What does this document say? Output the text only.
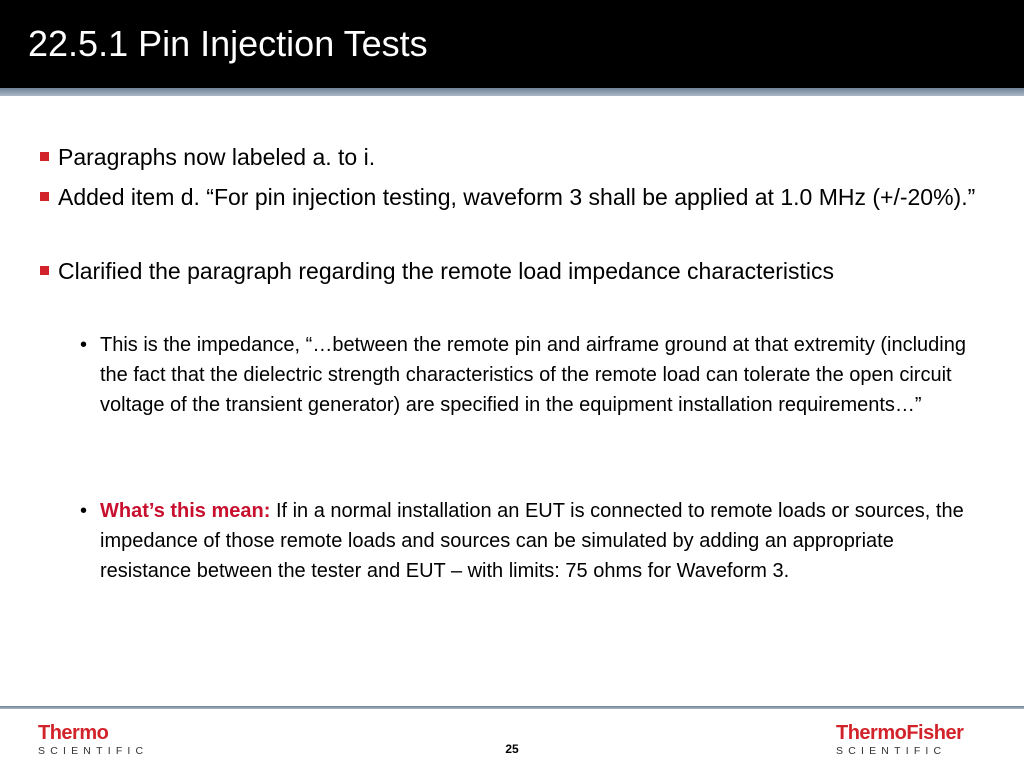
22.5.1 Pin Injection Tests
Paragraphs now labeled a. to i.
Added item d. “For pin injection testing, waveform 3 shall be applied at 1.0 MHz (+/-20%).”
Clarified the paragraph regarding the remote load impedance characteristics
• This is the impedance, “…between the remote pin and airframe ground at that extremity (including the fact that the dielectric strength characteristics of the remote load can tolerate the open circuit voltage of the transient generator) are specified in the equipment installation requirements…”
• What’s this mean: If in a normal installation an EUT is connected to remote loads or sources, the impedance of those remote loads and sources can be simulated by adding an appropriate resistance between the tester and EUT – with limits: 75 ohms for Waveform 3.
Thermo
SCIENTIFIC	25
ThermoFisher
SCIENTIFIC
